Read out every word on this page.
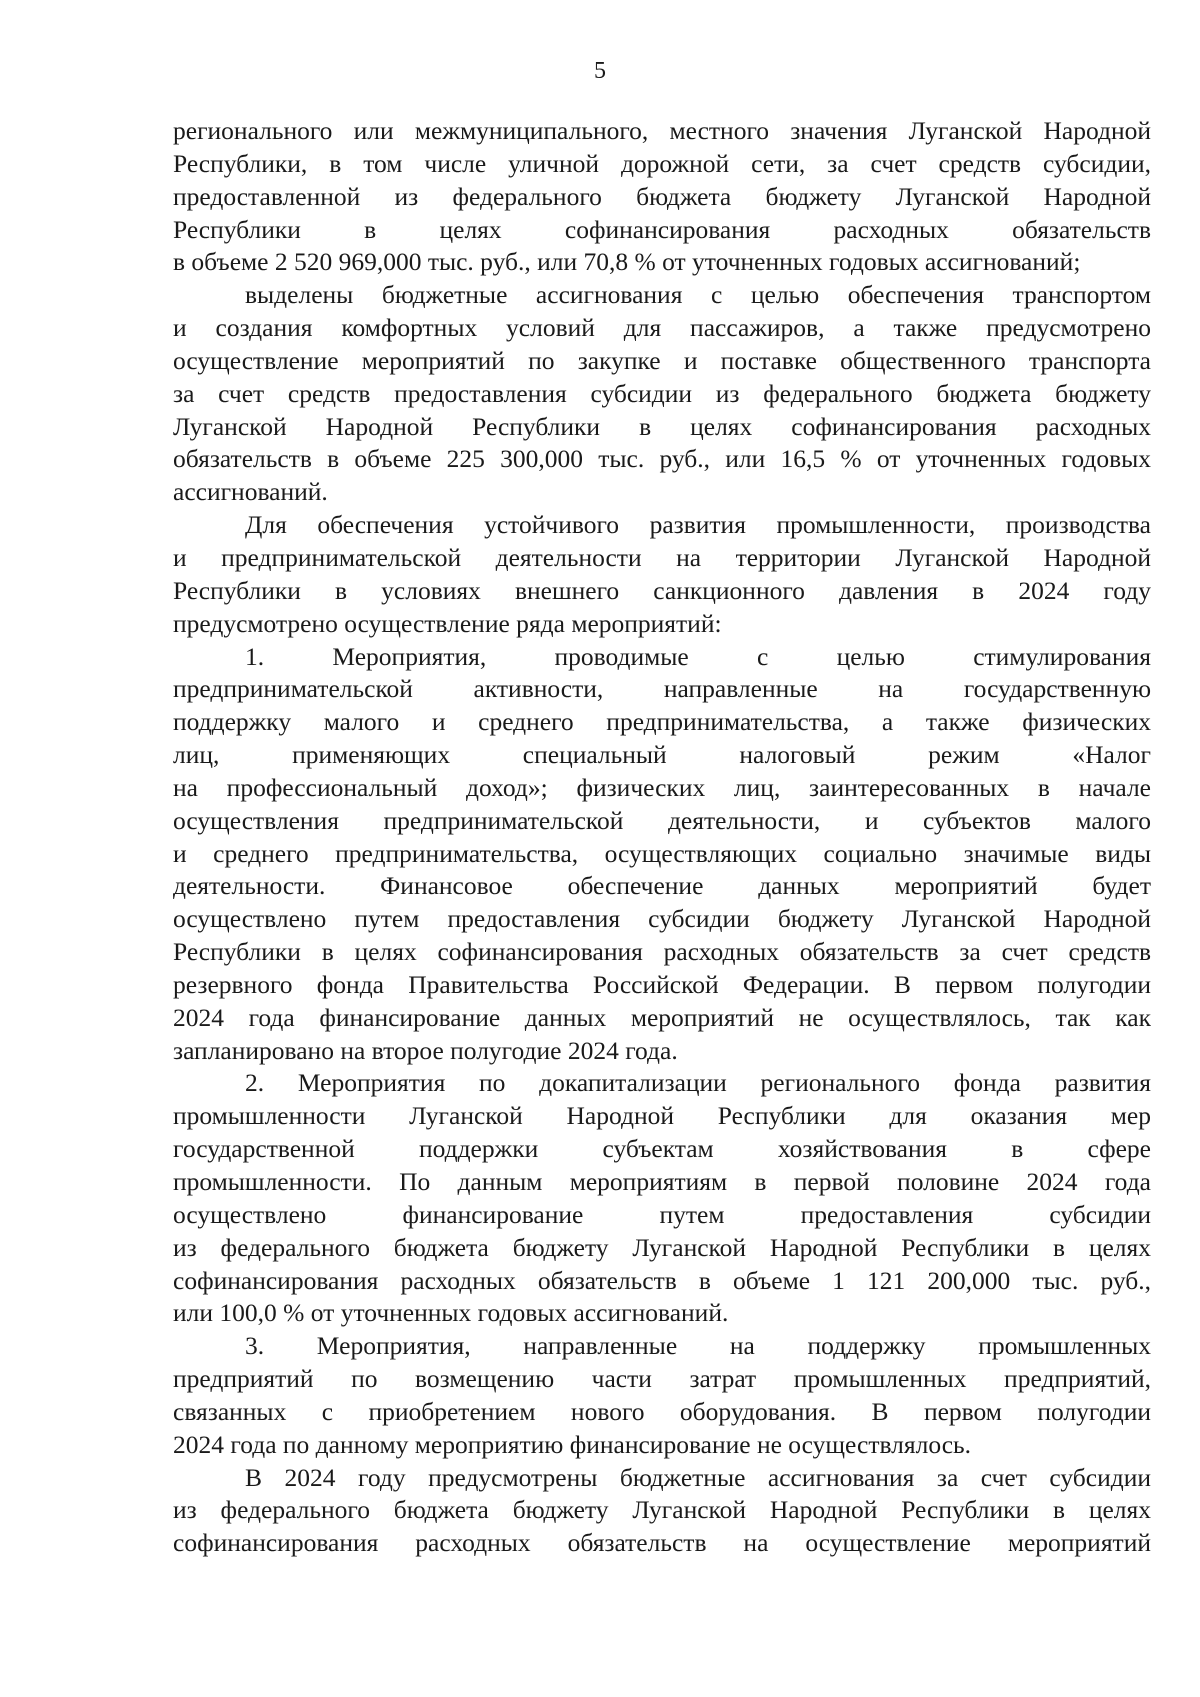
5
регионального или межмуниципального, местного значения Луганской Народной
Республики, в том числе уличной дорожной сети, за счет средств субсидии,
предоставленной из федерального бюджета бюджету Луганской Народной
Республики в целях софинансирования расходных обязательств
в объеме 2 520 969,000 тыс. руб., или 70,8 % от уточненных годовых ассигнований;
выделены бюджетные ассигнования с целью обеспечения транспортом
и создания комфортных условий для пассажиров, а также предусмотрено
осуществление мероприятий по закупке и поставке общественного транспорта
за счет средств предоставления субсидии из федерального бюджета бюджету
Луганской Народной Республики в целях софинансирования расходных
обязательств в объеме 225 300,000 тыс. руб., или 16,5 % от уточненных годовых
ассигнований.
Для обеспечения устойчивого развития промышленности, производства
и предпринимательской деятельности на территории Луганской Народной
Республики в условиях внешнего санкционного давления в 2024 году
предусмотрено осуществление ряда мероприятий:
1. Мероприятия, проводимые с целью стимулирования
предпринимательской активности, направленные на государственную
поддержку малого и среднего предпринимательства, а также физических
лиц, применяющих специальный налоговый режим «Налог
на профессиональный доход»; физических лиц, заинтересованных в начале
осуществления предпринимательской деятельности, и субъектов малого
и среднего предпринимательства, осуществляющих социально значимые виды
деятельности. Финансовое обеспечение данных мероприятий будет
осуществлено путем предоставления субсидии бюджету Луганской Народной
Республики в целях софинансирования расходных обязательств за счет средств
резервного фонда Правительства Российской Федерации. В первом полугодии
2024 года финансирование данных мероприятий не осуществлялось, так как
запланировано на второе полугодие 2024 года.
2. Мероприятия по докапитализации регионального фонда развития
промышленности Луганской Народной Республики для оказания мер
государственной поддержки субъектам хозяйствования в сфере
промышленности. По данным мероприятиям в первой половине 2024 года
осуществлено финансирование путем предоставления субсидии
из федерального бюджета бюджету Луганской Народной Республики в целях
софинансирования расходных обязательств в объеме 1 121 200,000 тыс. руб.,
или 100,0 % от уточненных годовых ассигнований.
3. Мероприятия, направленные на поддержку промышленных
предприятий по возмещению части затрат промышленных предприятий,
связанных с приобретением нового оборудования. В первом полугодии
2024 года по данному мероприятию финансирование не осуществлялось.
В 2024 году предусмотрены бюджетные ассигнования за счет субсидии
из федерального бюджета бюджету Луганской Народной Республики в целях
софинансирования расходных обязательств на осуществление мероприятий
